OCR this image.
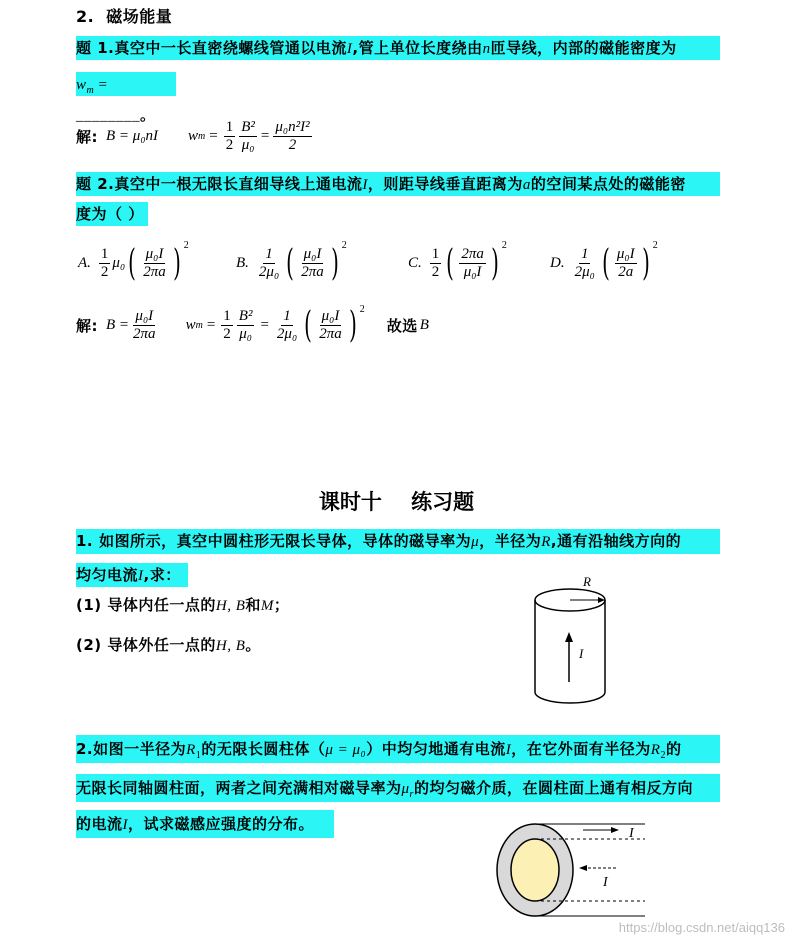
2. 磁场能量
题 1.真空中一长直密绕螺线管通以电流I,管上单位长度绕由n匝导线，内部的磁能密度为
$w_m$ = ________。
解: B = μ₀nI w $m = \frac{1}{2} \frac{\text{B²}}{\text{μ₀}} = \frac{\text{μ₀n²I²}}{2}$
题 2.真空中一根无限长直细导线上通电流I，则距导线垂直距离为a的空间某点处的磁能密
度为（ ）
A. $\frac{1}{2} \mu_0$ ( $\frac{\text{μ₀I}}{2\pi a}$ ) $^2$
B. $\frac{1}{\text{2μ₀}}$ ( $\frac{\text{μ₀I}}{2\pi a}$ ) $^2$
C. $\frac{1}{2}$ ( $\frac{2\pi a}{\text{μ₀I}}$ ) $^2$
D. $\frac{1}{\text{2μ₀}}$ ( $\frac{\text{μ₀I}}{2a}$ ) $^2$
解: $B = \frac{\text{μ₀I}}{2\pi a}$ w $m = \frac{1}{2} \frac{\text{B²}}{\text{μ₀}} = \frac{1}{\text{2μ₀}}$ ( $\frac{\text{μ₀I}}{2\pi a}$ ) $^2$
故选 B
课时十    练习题
1. 如图所示，真空中圆柱形无限长导体，导体的磁导率为μ，半径为R,通有沿轴线方向的
均匀电流I,求：
(1) 导体内任一点的H, B和M；
(2) 导体外任一点的H, B。
R
I
2.如图一半径为$R_1$的无限长圆柱体（μ = μ₀）中均匀地通有电流I，在它外面有半径为$R_2$的
无限长同轴圆柱面，两者之间充满相对磁导率为$\mu_r$的均匀磁介质，在圆柱面上通有相反方向
的电流I，试求磁感应强度的分布。
I
I
https://blog.csdn.net/aiqq136
